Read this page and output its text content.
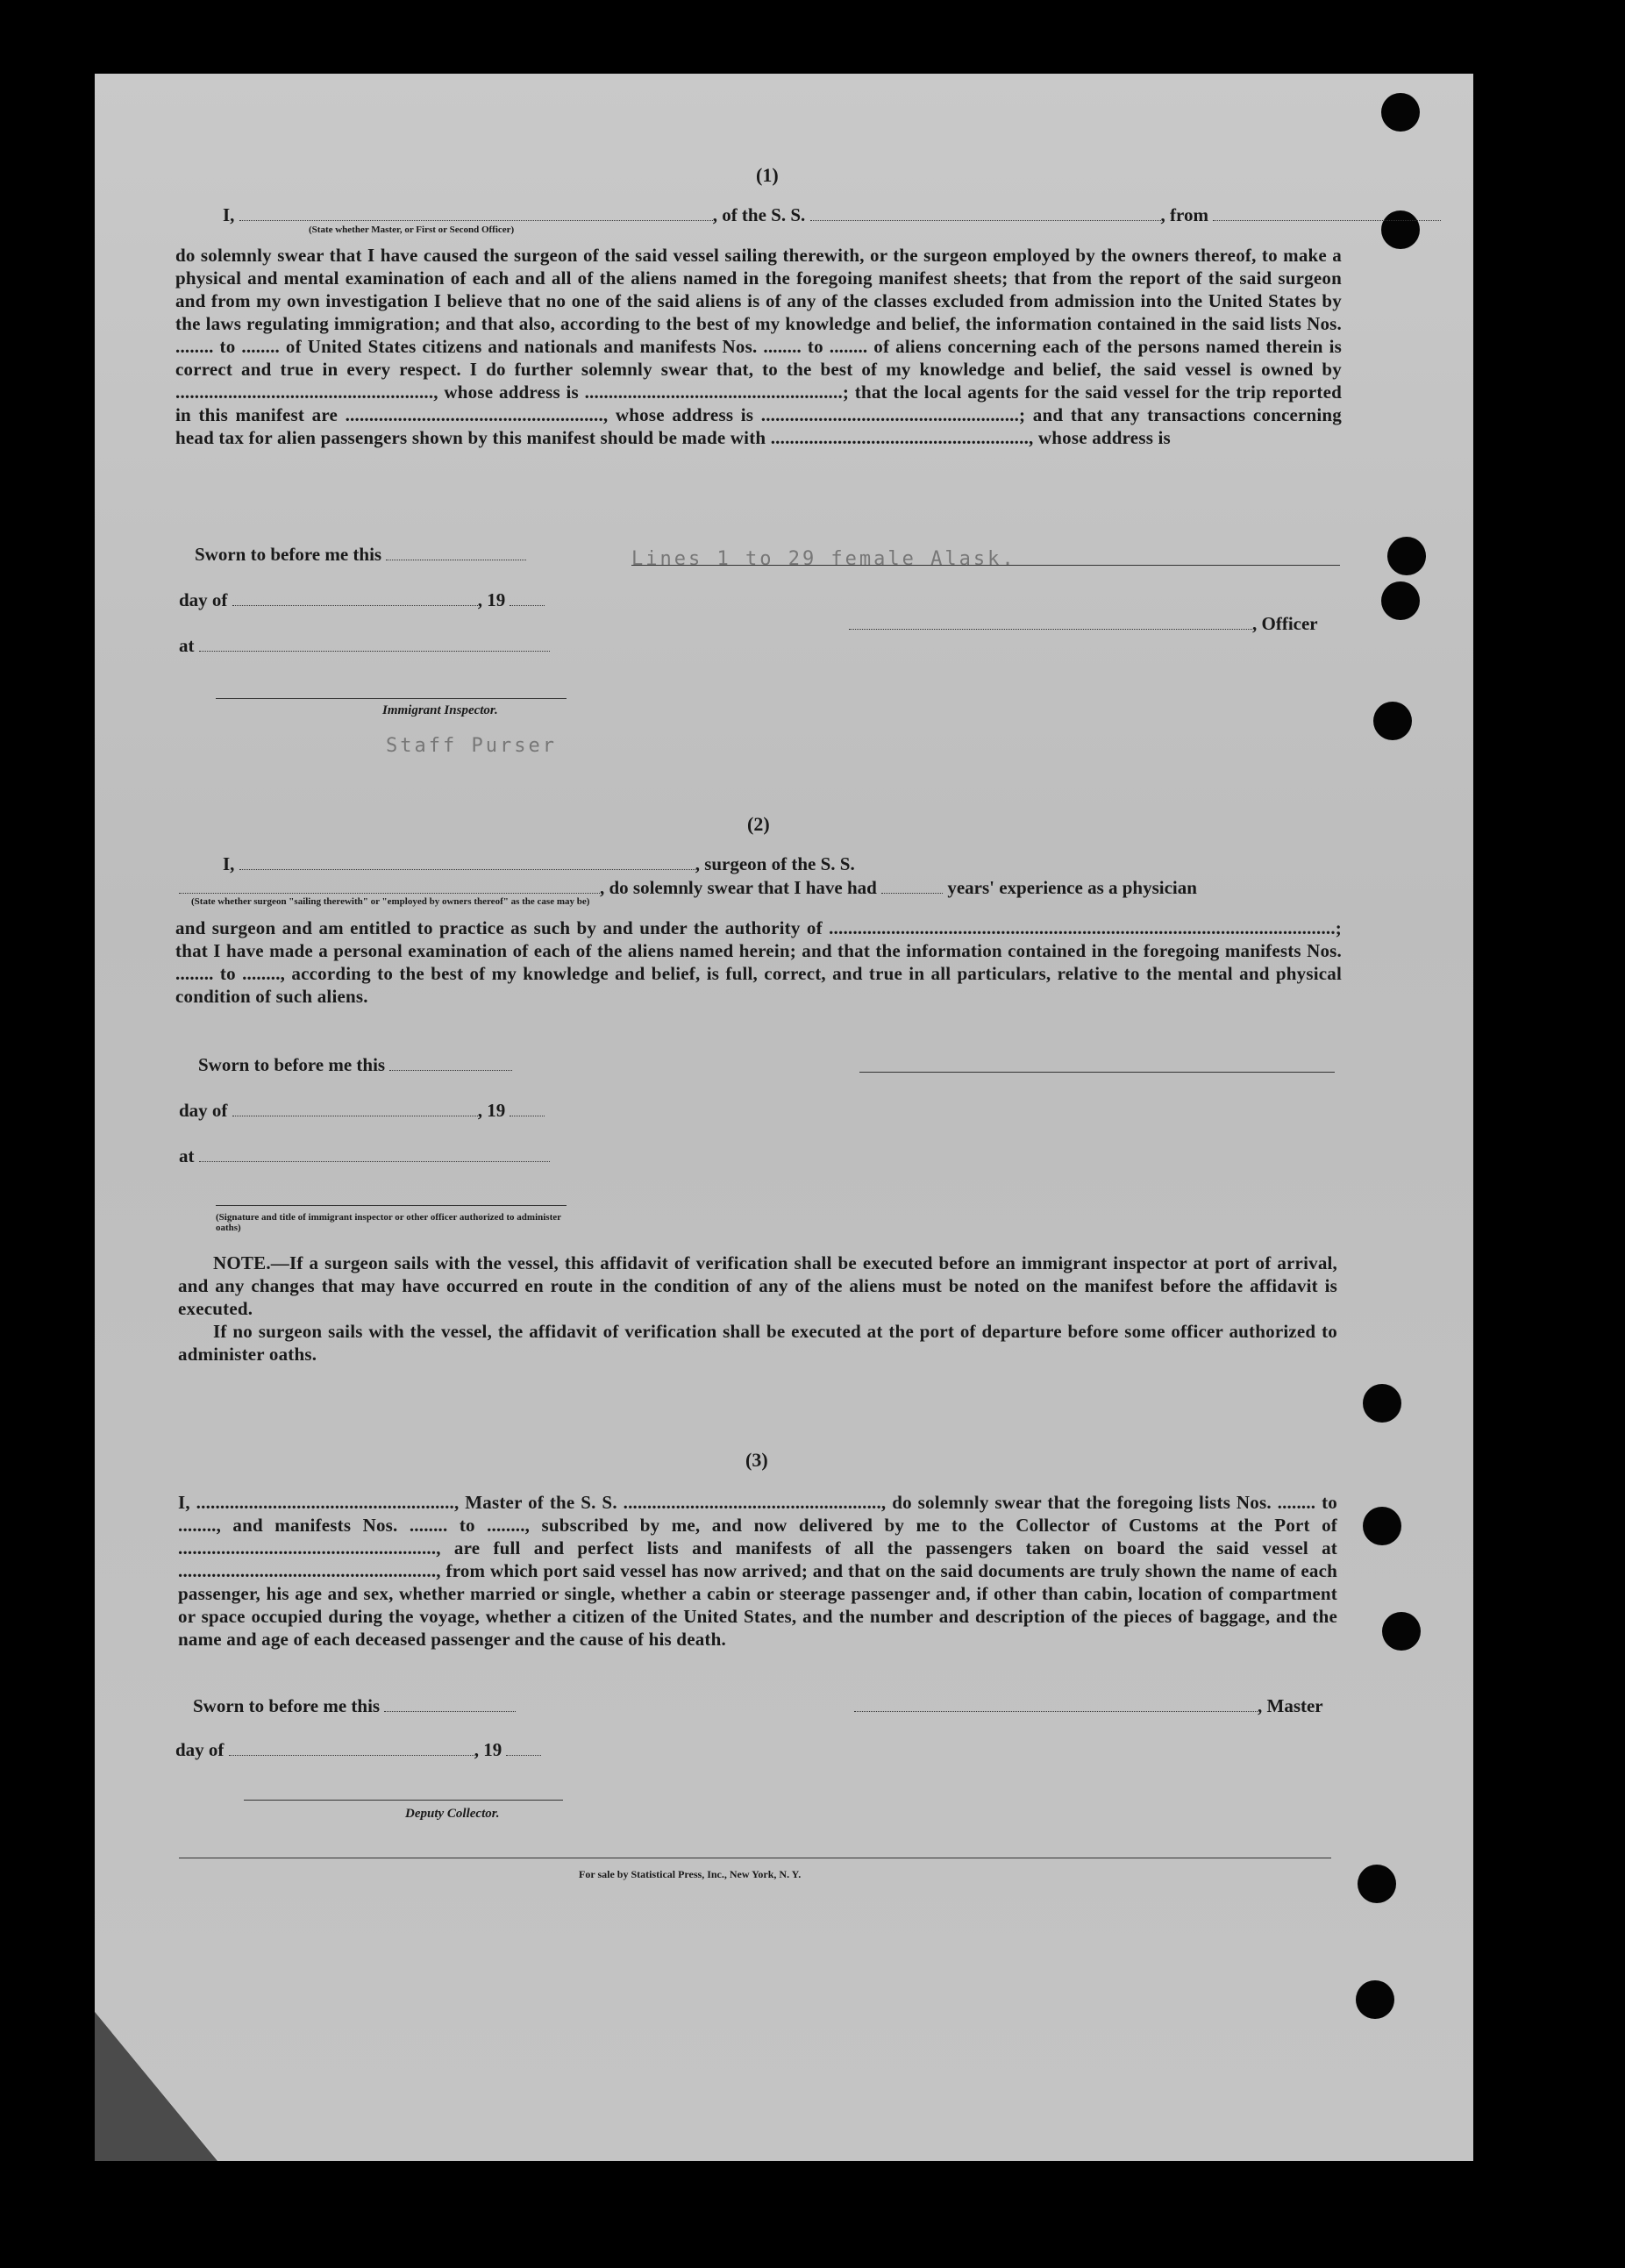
Lines 1 to 29 female Alask.
Staff Purser
(1)
I,	, of the S. S.	, from
(State whether Master, or First or Second Officer)

do solemnly swear that I have caused the surgeon of the said vessel sailing therewith, or the surgeon employed by the owners thereof, to make a physical and mental examination of each and all of the aliens named in the foregoing manifest sheets; that from the report of the said surgeon and from my own investigation I believe that no one of the said aliens is of any of the classes excluded from admission into the United States by the laws regulating immigration; and that also, according to the best of my knowledge and belief, the information contained in the said lists Nos. ........ to ........ of United States citizens and nationals and manifests Nos. ........ to ........ of aliens concerning each of the persons named therein is correct and true in every respect. I do further solemnly swear that, to the best of my knowledge and belief, the said vessel is owned by ......................................................, whose address is ......................................................; that the local agents for the said vessel for the trip reported in this manifest are ......................................................, whose address is ......................................................; and that any transactions concerning head tax for alien passengers shown by this manifest should be made with ......................................................, whose address is

Sworn to before me this
day of	, 19
, Officer
at
Immigrant Inspector.
(2)
I,	, surgeon of the S. S.
, do solemnly swear that I have had	years' experience as a physician
(State whether surgeon "sailing therewith" or "employed by owners thereof" as the case may be)

and surgeon and am entitled to practice as such by and under the authority of ..........................................................................................................; that I have made a personal examination of each of the aliens named herein; and that the information contained in the foregoing manifests Nos. ........ to ........, according to the best of my knowledge and belief, is full, correct, and true in all particulars, relative to the mental and physical condition of such aliens.

Sworn to before me this
day of	, 19
at
(Signature and title of immigrant inspector or other officer authorized to administer oaths)

NOTE.—If a surgeon sails with the vessel, this affidavit of verification shall be executed before an immigrant inspector at port of arrival, and any changes that may have occurred en route in the condition of any of the aliens must be noted on the manifest before the affidavit is executed.

If no surgeon sails with the vessel, the affidavit of verification shall be executed at the port of departure before some officer authorized to administer oaths.

(3)

I, ......................................................, Master of the S. S. ......................................................, do solemnly swear that the foregoing lists Nos. ........ to ........, and manifests Nos. ........ to ........, subscribed by me, and now delivered by me to the Collector of Customs at the Port of ......................................................, are full and perfect lists and manifests of all the passengers taken on board the said vessel at ......................................................, from which port said vessel has now arrived; and that on the said documents are truly shown the name of each passenger, his age and sex, whether married or single, whether a cabin or steerage passenger and, if other than cabin, location of compartment or space occupied during the voyage, whether a citizen of the United States, and the number and description of the pieces of baggage, and the name and age of each deceased passenger and the cause of his death.

Sworn to before me this	, Master
day of	, 19
Deputy Collector.
For sale by Statistical Press, Inc., New York, N. Y.
